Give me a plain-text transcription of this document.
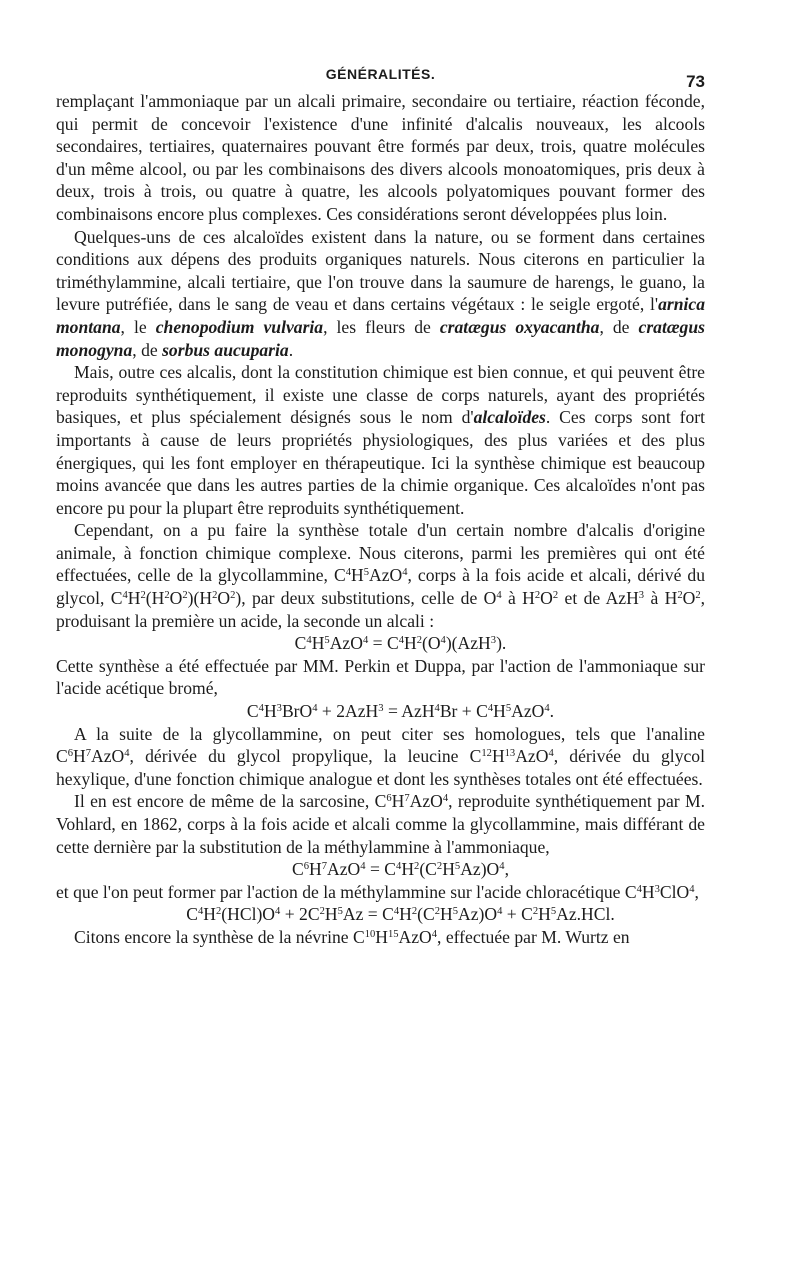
GÉNÉRALITÉS.	73

remplaçant l'ammoniaque par un alcali primaire, secondaire ou tertiaire, réaction féconde, qui permit de concevoir l'existence d'une infinité d'alcalis nouveaux, les alcools secondaires, tertiaires, quaternaires pouvant être formés par deux, trois, quatre molécules d'un même alcool, ou par les combinaisons des divers alcools monoatomiques, pris deux à deux, trois à trois, ou quatre à quatre, les alcools polyatomiques pouvant former des combinaisons encore plus complexes. Ces considérations seront développées plus loin.

Quelques-uns de ces alcaloïdes existent dans la nature, ou se forment dans certaines conditions aux dépens des produits organiques naturels. Nous citerons en particulier la triméthylammine, alcali tertiaire, que l'on trouve dans la saumure de harengs, le guano, la levure putréfiée, dans le sang de veau et dans certains végétaux : le seigle ergoté, l'arnica montana, le chenopodium vulvaria, les fleurs de cratægus oxyacantha, de cratægus monogyna, de sorbus aucuparia.

Mais, outre ces alcalis, dont la constitution chimique est bien connue, et qui peuvent être reproduits synthétiquement, il existe une classe de corps naturels, ayant des propriétés basiques, et plus spécialement désignés sous le nom d'alcaloïdes. Ces corps sont fort importants à cause de leurs propriétés physiologiques, des plus variées et des plus énergiques, qui les font employer en thérapeutique. Ici la synthèse chimique est beaucoup moins avancée que dans les autres parties de la chimie organique. Ces alcaloïdes n'ont pas encore pu pour la plupart être reproduits synthétiquement.

Cependant, on a pu faire la synthèse totale d'un certain nombre d'alcalis d'origine animale, à fonction chimique complexe. Nous citerons, parmi les premières qui ont été effectuées, celle de la glycollammine, $C^4H^5AzO^4$, corps à la fois acide et alcali, dérivé du glycol, $C^4H^2(H^2O^2)(H^2O^2)$, par deux substitutions, celle de $O^4$ à $H^2O^2$ et de AzH$^3$ à $H^2O^2$, produisant la première un acide, la seconde un alcali :

$C^4H^5AzO^4 = C^4H^2(O^4)(AzH^3)$.

Cette synthèse a été effectuée par MM. Perkin et Duppa, par l'action de l'ammoniaque sur l'acide acétique bromé,

$C^4H^3BrO^4 + 2AzH^3 = AzH^4Br + C^4H^5AzO^4$.

A la suite de la glycollammine, on peut citer ses homologues, tels que l'analine $C^6H^7AzO^4$, dérivée du glycol propylique, la leucine $C^{12}H^{13}AzO^4$, dérivée du glycol hexylique, d'une fonction chimique analogue et dont les synthèses totales ont été effectuées.

Il en est encore de même de la sarcosine, $C^6H^7AzO^4$, reproduite synthétiquement par M. Vohlard, en 1862, corps à la fois acide et alcali comme la glycollammine, mais différant de cette dernière par la substitution de la méthylammine à l'ammoniaque,

$C^6H^7AzO^4 = C^4H^2(C^2H^5Az)O^4$,

et que l'on peut former par l'action de la méthylammine sur l'acide chloracétique $C^4H^3ClO^4$,

$C^4H^2(HCl)O^4 + 2C^2H^5Az = C^4H^2(C^2H^5Az)O^4 + C^2H^5Az.HCl$.

Citons encore la synthèse de la névrine $C^{10}H^{15}AzO^4$, effectuée par M. Wurtz en
